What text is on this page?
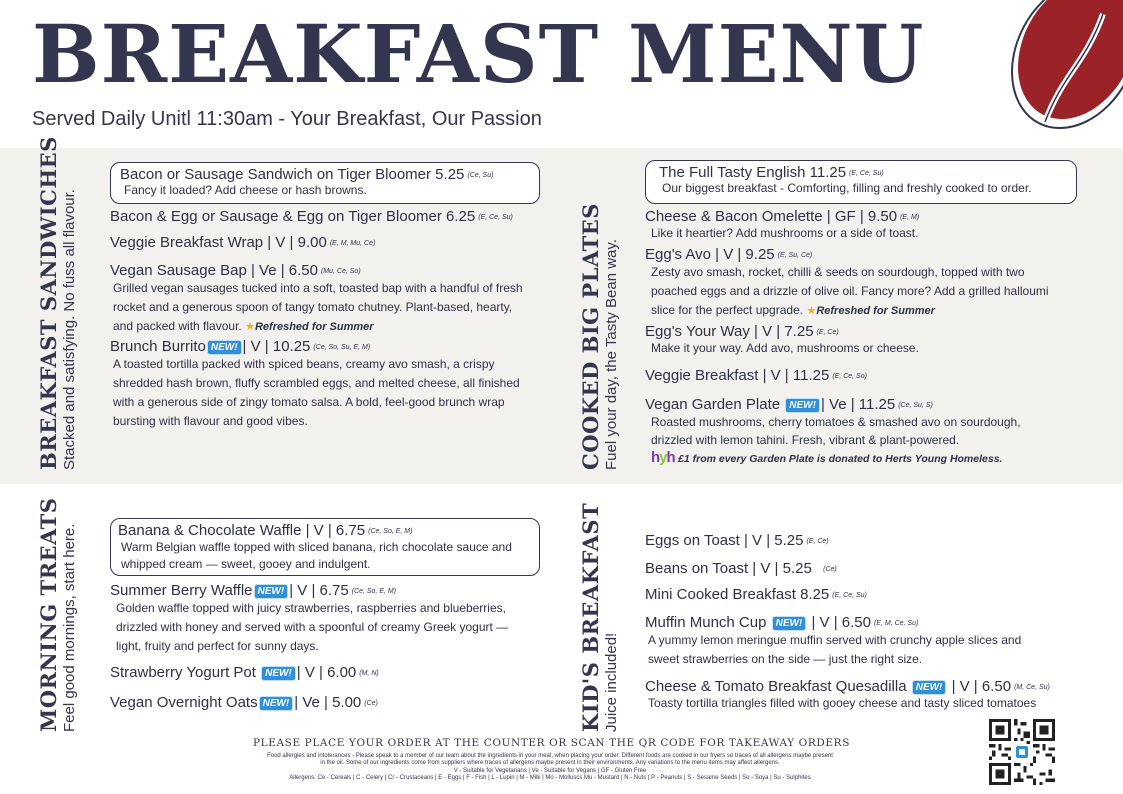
BREAKFAST MENU
Served Daily Unitl 11:30am - Your Breakfast, Our Passion
BREAKFAST SANDWICHES
Stacked and satisfying. No fuss all flavour.
Bacon or Sausage Sandwich on Tiger Bloomer 5.25 (Ce, Su)
Fancy it loaded? Add cheese or hash browns.
Bacon & Egg or Sausage & Egg on Tiger Bloomer 6.25 (E, Ce, Su)
Veggie Breakfast Wrap | V | 9.00 (E, M, Mu, Ce)
Vegan Sausage Bap | Ve | 6.50 (Mu, Ce, So)
Grilled vegan sausages tucked into a soft, toasted bap with a handful of fresh
rocket and a generous spoon of tangy tomato chutney. Plant-based, hearty,
and packed with flavour. ★Refreshed for Summer
Brunch Burrito NEW! | V | 10.25 (Ce, So, Su, E, M)
A toasted tortilla packed with spiced beans, creamy avo smash, a crispy
shredded hash brown, fluffy scrambled eggs, and melted cheese, all finished
with a generous side of zingy tomato salsa. A bold, feel-good brunch wrap
bursting with flavour and good vibes.	COOKED BIG PLATES
Fuel your day, the Tasty Bean way.
The Full Tasty English 11.25 (E, Ce, Su)
Our biggest breakfast - Comforting, filling and freshly cooked to order.
Cheese & Bacon Omelette | GF | 9.50 (E, M)
Like it heartier? Add mushrooms or a side of toast.
Egg's Avo | V | 9.25 (E, Su, Ce)
Zesty avo smash, rocket, chilli & seeds on sourdough, topped with two
poached eggs and a drizzle of olive oil. Fancy more? Add a grilled halloumi
slice for the perfect upgrade. ★Refreshed for Summer
Egg's Your Way | V | 7.25 (E, Ce)
Make it your way. Add avo, mushrooms or cheese.
Veggie Breakfast | V | 11.25 (E, Ce, So)
Vegan Garden Plate NEW! | Ve | 11.25 (Ce, Su, S)
Roasted mushrooms, cherry tomatoes & smashed avo on sourdough,
drizzled with lemon tahini. Fresh, vibrant & plant-powered.
hyh £1 from every Garden Plate is donated to Herts Young Homeless.
MORNING TREATS
Feel good mornings, start here.	Banana & Chocolate Waffle | V | 6.75 (Ce, So, E, M)
Warm Belgian waffle topped with sliced banana, rich chocolate sauce and
whipped cream — sweet, gooey and indulgent.
Summer Berry Waffle NEW! | V | 6.75 (Ce, So, E, M)
Golden waffle topped with juicy strawberries, raspberries and blueberries,
drizzled with honey and served with a spoonful of creamy Greek yogurt —
light, fruity and perfect for sunny days.
Strawberry Yogurt Pot NEW! | V | 6.00 (M, N)
Vegan Overnight Oats NEW! | Ve | 5.00 (Ce)	KID'S BREAKFAST
Juice included!
Eggs on Toast | V | 5.25 (E, Ce)
Beans on Toast | V | 5.25 (Ce)
Mini Cooked Breakfast 8.25 (E, Ce, Su)
Muffin Munch Cup NEW! | V | 6.50 (E, M, Ce, Su)
A yummy lemon meringue muffin served with crunchy apple slices and
sweet strawberries on the side — just the right size.
Cheese & Tomato Breakfast Quesadilla NEW! | V | 6.50 (M, Ce, Su)
Toasty tortilla triangles filled with gooey cheese and tasty sliced tomatoes
PLEASE PLACE YOUR ORDER AT THE COUNTER OR SCAN THE QR CODE FOR TAKEAWAY ORDERS
Food allergies and intolerances - Please speak to a member of our team about the ingredients in your meal, when placing your order. Different foods are cooked in our fryers so traces of all allergens maybe present
in the oil. Some of our ingredients come from suppliers where traces of allergens maybe present in their environments. Any variations to the menu items may affect allergens.
V - Suitable for Vegetarians | Ve - Suitable for Vegans | GF - Gluten Free
Allergens: Ce - Cereals | C - Celery | Cr - Crustaceans | E - Eggs | F - Fish | L - Lupin | M - Milk | Mo - Molluscs Mu - Mustard | N - Nuts | P - Peanuts | S - Sesame Seeds | So - Soya | Su - Sulphites
